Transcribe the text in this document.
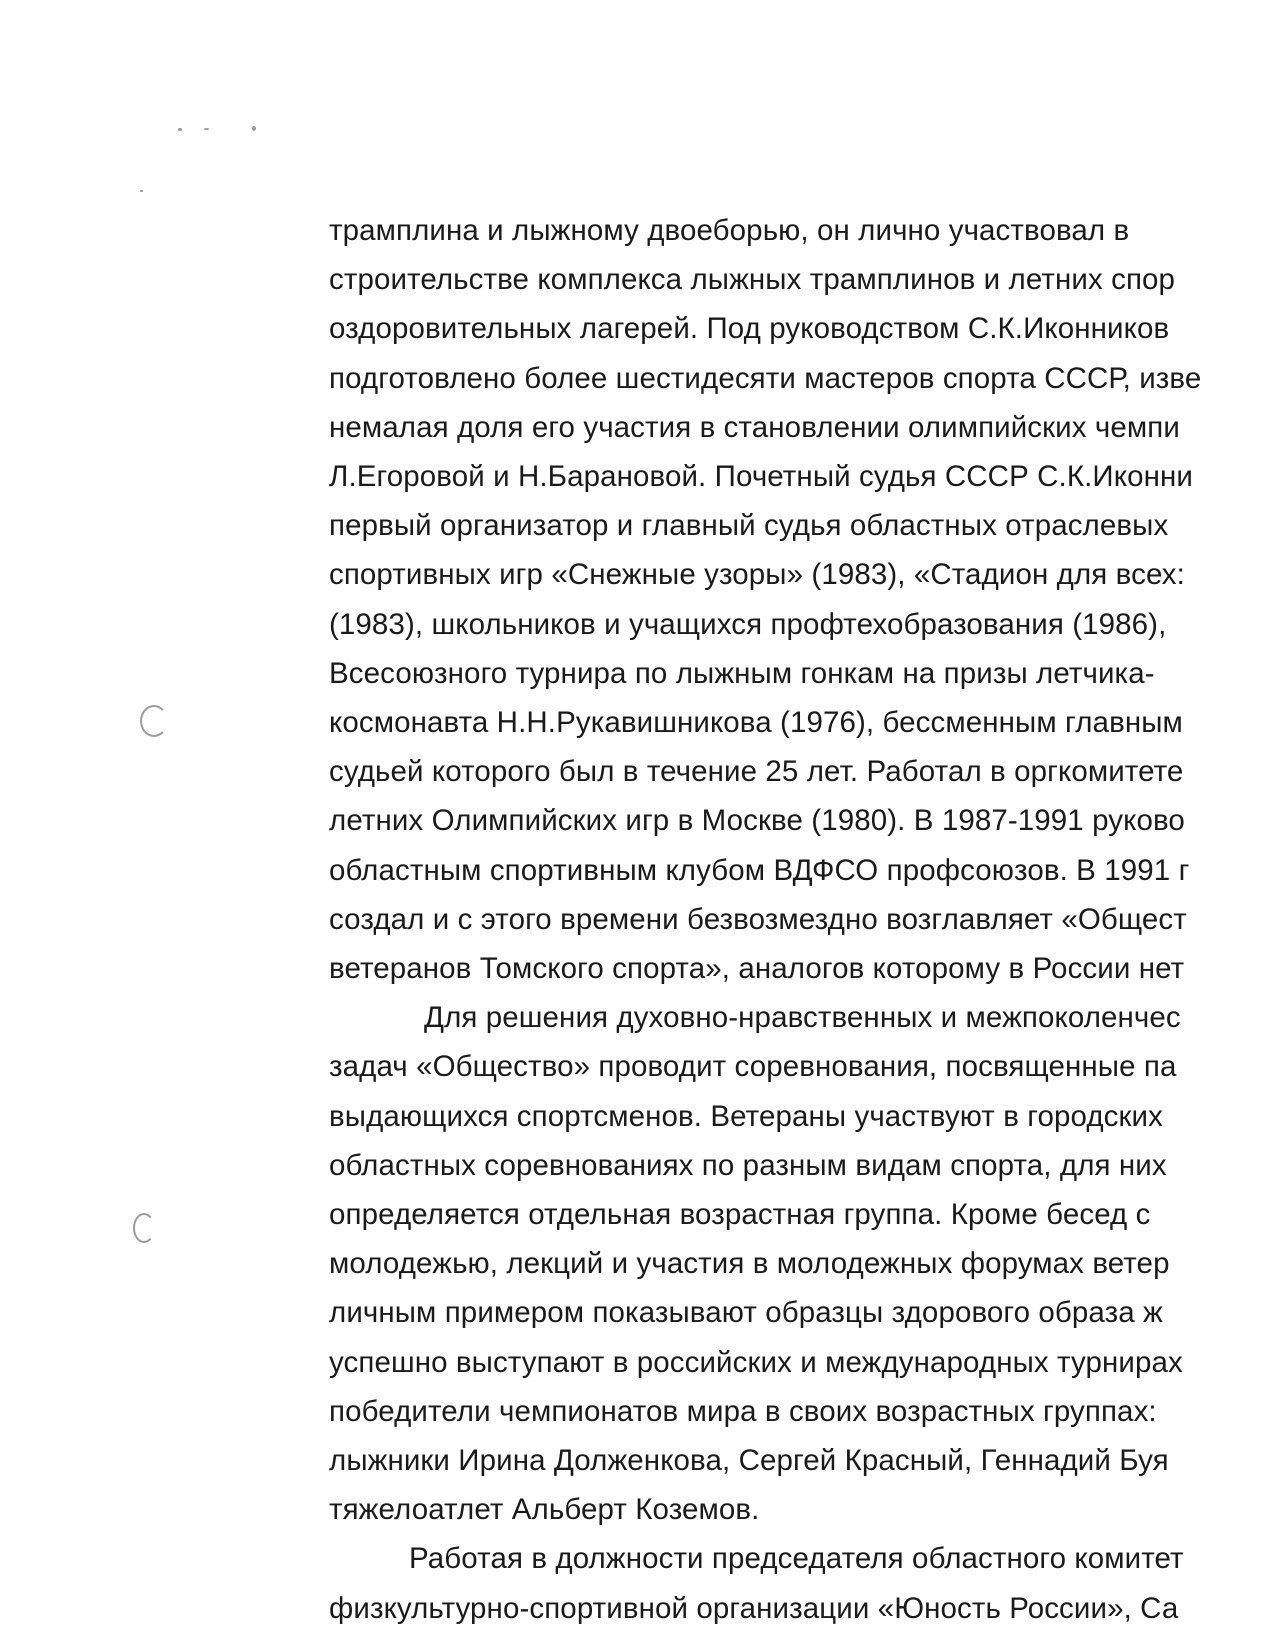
трамплина и лыжному двоеборью, он лично участвовал в
строительстве комплекса лыжных трамплинов и летних спор
оздоровительных лагерей. Под руководством С.К.Иконников
подготовлено более шестидесяти мастеров спорта СССР, изве
немалая доля его участия в становлении олимпийских чемпи
Л.Егоровой и Н.Барановой. Почетный судья СССР С.К.Иконни
первый организатор и главный судья областных отраслевых
спортивных игр «Снежные узоры» (1983), «Стадион для всех:
(1983), школьников и учащихся профтехобразования (1986),
Всесоюзного турнира по лыжным гонкам на призы летчика-
космонавта Н.Н.Рукавишникова (1976), бессменным главным
судьей которого был в течение 25 лет. Работал в оргкомитете
летних Олимпийских игр в Москве (1980). В 1987-1991 руково
областным спортивным клубом ВДФСО профсоюзов. В 1991 г
создал и с этого времени безвозмездно возглавляет «Общест
ветеранов Томского спорта», аналогов которому в России нет
Для решения духовно-нравственных и межпоколенчес
задач «Общество» проводит соревнования, посвященные па
выдающихся спортсменов. Ветераны участвуют в городских
областных соревнованиях по разным видам спорта, для них
определяется отдельная возрастная группа. Кроме бесед с
молодежью, лекций и участия в молодежных форумах ветер
личным примером показывают образцы здорового образа ж
успешно выступают в российских и международных турнирах
победители чемпионатов мира в своих возрастных группах:
лыжники Ирина Долженкова, Сергей Красный, Геннадий Буя
тяжелоатлет Альберт Коземов.
Работая в должности председателя областного комитет
физкультурно-спортивной организации «Юность России», Са
